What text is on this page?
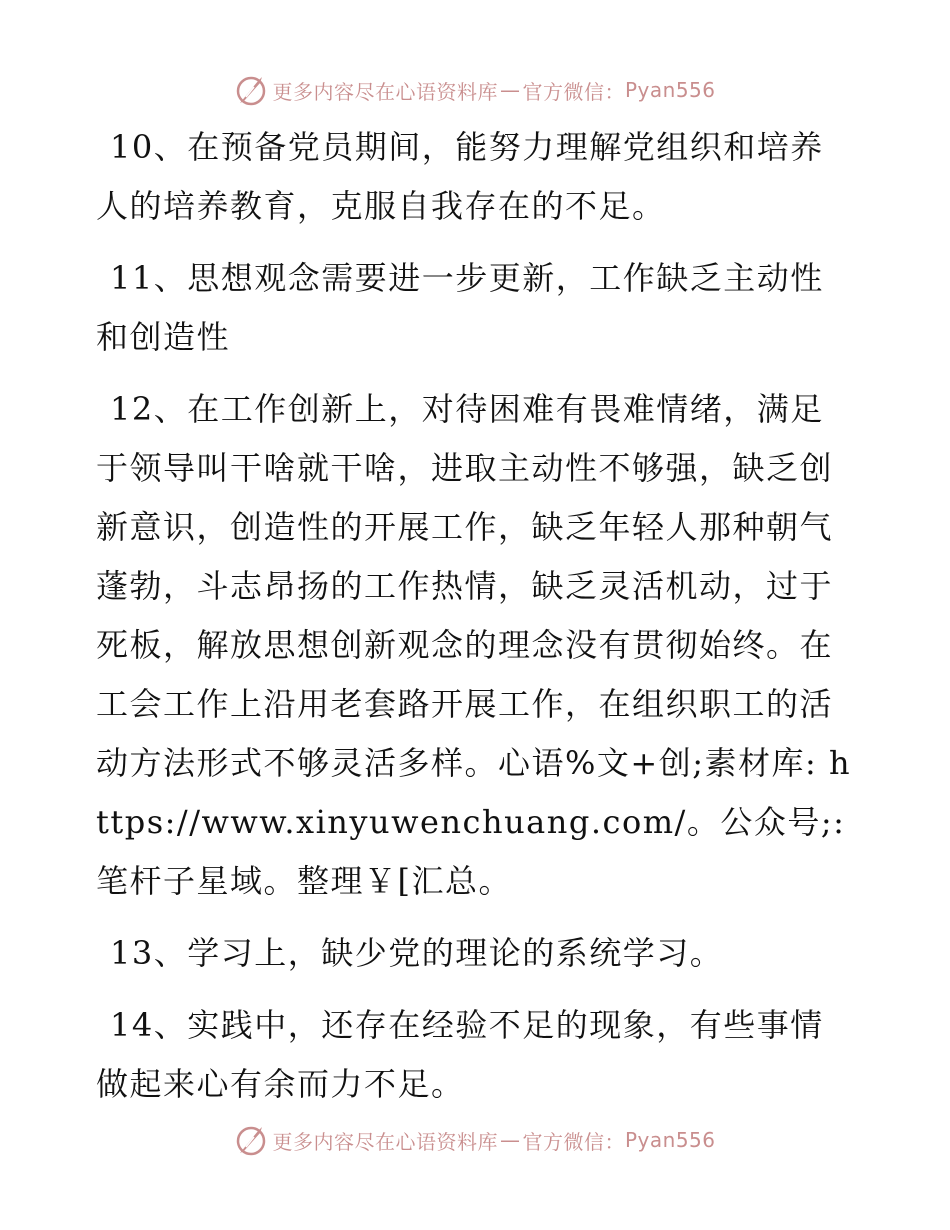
更多内容尽在心语资料库 — 官方微信： Pyan556

10、在预备党员期间，能努力理解党组织和培养人的培养教育，克服自我存在的不足。

11、思想观念需要进一步更新，工作缺乏主动性和创造性

12、在工作创新上，对待困难有畏难情绪，满足于领导叫干啥就干啥，进取主动性不够强，缺乏创新意识，创造性的开展工作，缺乏年轻人那种朝气蓬勃，斗志昂扬的工作热情，缺乏灵活机动，过于死板，解放思想创新观念的理念没有贯彻始终。在工会工作上沿用老套路开展工作，在组织职工的活动方法形式不够灵活多样。心语%文+创;素材库: https://www.xinyuwenchuang.com/。公众号;: 笔杆子星域。整理￥[汇总。

13、学习上，缺少党的理论的系统学习。

14、实践中，还存在经验不足的现象，有些事情做起来心有余而力不足。

更多内容尽在心语资料库 — 官方微信： Pyan556
